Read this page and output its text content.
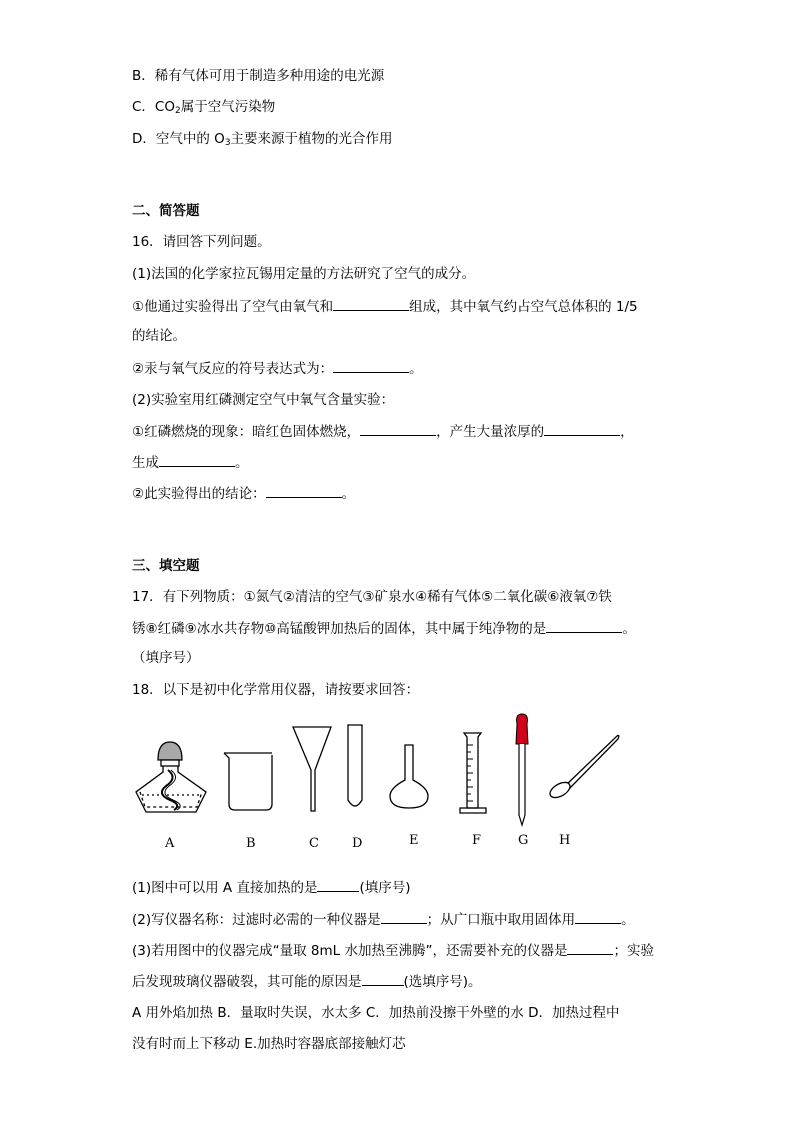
B．稀有气体可用于制造多种用途的电光源
C．$CO_2$属于空气污染物
D．空气中的 $O_3$主要来源于植物的光合作用
二、简答题
16．请回答下列问题。
(1)法国的化学家拉瓦锡用定量的方法研究了空气的成分。
①他通过实验得出了空气由氧气和	组成，其中氧气约占空气总体积的 1/5
的结论。
②汞与氧气反应的符号表达式为：	。
(2)实验室用红磷测定空气中氧气含量实验：
①红磷燃烧的现象：暗红色固体燃烧，	，产生大量浓厚的	，
生成	。
②此实验得出的结论：	。
三、填空题
17．有下列物质：①氮气②清洁的空气③矿泉水④稀有气体⑤二氧化碳⑥液氧⑦铁
锈⑧红磷⑨冰水共存物⑩高锰酸钾加热后的固体，其中属于纯净物的是	。
（填序号）
18．以下是初中化学常用仪器，请按要求回答：
A	B	C	D	E	F	G H
(1)图中可以用 A 直接加热的是	(填序号)
(2)写仪器名称：过滤时必需的一种仪器是	；从广口瓶中取用固体用	。
(3)若用图中的仪器完成“量取 8mL 水加热至沸腾”，还需要补充的仪器是	；实验
后发现玻璃仪器破裂，其可能的原因是	(选填序号)。
A 用外焰加热 B．量取时失误，水太多 C．加热前没擦干外壁的水 D．加热过程中
没有时而上下移动 E.加热时容器底部接触灯芯
